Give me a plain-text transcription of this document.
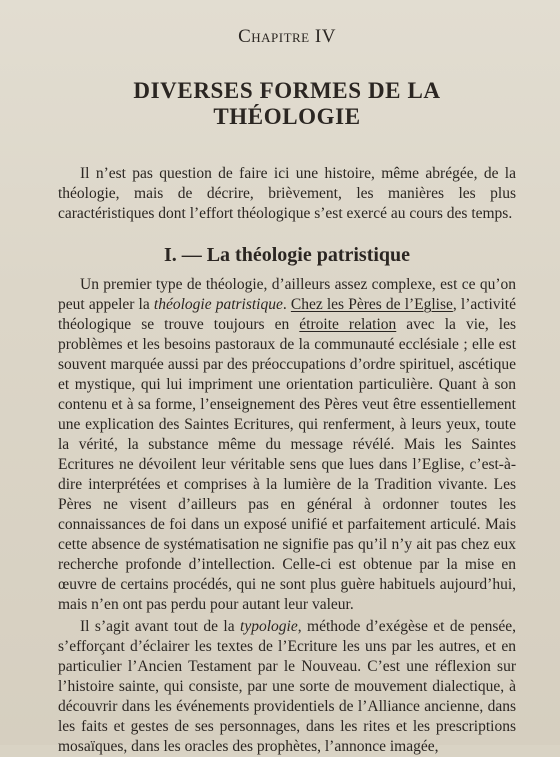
Chapitre IV
DIVERSES FORMES DE LA THÉOLOGIE

Il n’est pas question de faire ici une histoire, même abrégée, de la théologie, mais de décrire, brièvement, les manières les plus caractéristiques dont l’effort théologique s’est exercé au cours des temps.

I. — La théologie patristique

Un premier type de théologie, d’ailleurs assez complexe, est ce qu’on peut appeler la théologie patristique. Chez les Pères de l’Eglise, l’activité théologique se trouve toujours en étroite relation avec la vie, les problèmes et les besoins pastoraux de la communauté ecclésiale ; elle est souvent marquée aussi par des préoccupations d’ordre spirituel, ascétique et mystique, qui lui impriment une orientation particulière. Quant à son contenu et à sa forme, l’enseignement des Pères veut être essentiellement une explication des Saintes Ecritures, qui renferment, à leurs yeux, toute la vérité, la substance même du message révélé. Mais les Saintes Ecritures ne dévoilent leur véritable sens que lues dans l’Eglise, c’est-à-dire interprétées et comprises à la lumière de la Tradition vivante. Les Pères ne visent d’ailleurs pas en général à ordonner toutes les connaissances de foi dans un exposé unifié et parfaitement articulé. Mais cette absence de systématisation ne signifie pas qu’il n’y ait pas chez eux recherche profonde d’intellection. Celle-ci est obtenue par la mise en œuvre de certains procédés, qui ne sont plus guère habituels aujourd’hui, mais n’en ont pas perdu pour autant leur valeur.

Il s’agit avant tout de la typologie, méthode d’exégèse et de pensée, s’efforçant d’éclairer les textes de l’Ecriture les uns par les autres, et en particulier l’Ancien Testament par le Nouveau. C’est une réflexion sur l’histoire sainte, qui consiste, par une sorte de mouvement dialectique, à découvrir dans les événements providentiels de l’Alliance ancienne, dans les faits et gestes de ses personnages, dans les rites et les prescriptions mosaïques, dans les oracles des prophètes, l’annonce imagée,
